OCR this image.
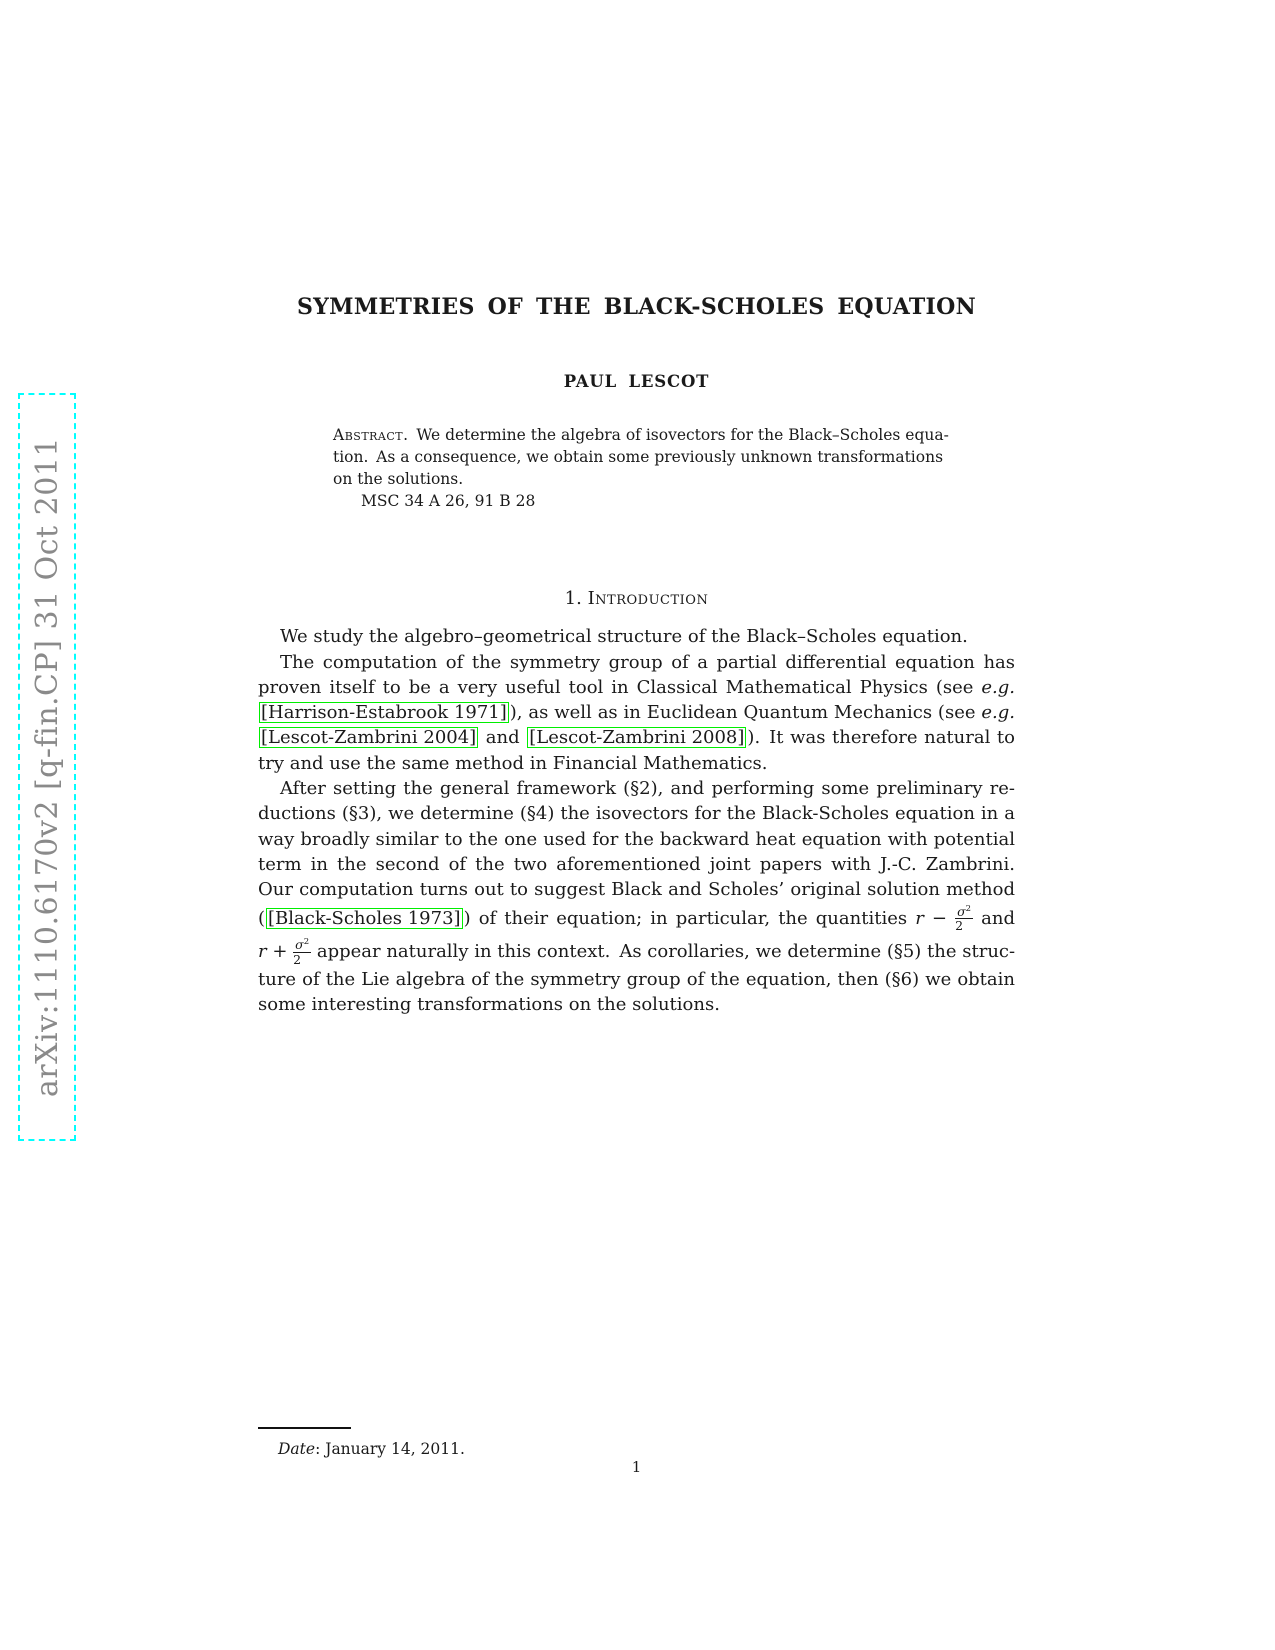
arXiv:1110.6170v2 [q-fin.CP] 31 Oct 2011
SYMMETRIES OF THE BLACK-SCHOLES EQUATION
PAUL LESCOT
Abstract. We determine the algebra of isovectors for the Black–Scholes equa-
tion. As a consequence, we obtain some previously unknown transformations
on the solutions.
MSC 34 A 26, 91 B 28
1. Introduction
We study the algebro–geometrical structure of the Black–Scholes equation.
The computation of the symmetry group of a partial differential equation has
proven itself to be a very useful tool in Classical Mathematical Physics (see e.g.
[Harrison-Estabrook 1971] ), as well as in Euclidean Quantum Mechanics (see e.g.
[Lescot-Zambrini 2004] and [Lescot-Zambrini 2008] ). It was therefore natural to
try and use the same method in Financial Mathematics.
After setting the general framework (§2), and performing some preliminary re-
ductions (§3), we determine (§4) the isovectors for the Black-Scholes equation in a
way broadly similar to the one used for the backward heat equation with potential
term in the second of the two aforementioned joint papers with J.-C. Zambrini.
Our computation turns out to suggest Black and Scholes’ original solution method
( [Black-Scholes 1973] ) of their equation; in particular, the quantities $r - \frac{\sigma^2}{2}$ and
$r + \frac{\sigma^2}{2}$ appear naturally in this context. As corollaries, we determine (§5) the struc-
ture of the Lie algebra of the symmetry group of the equation, then (§6) we obtain
some interesting transformations on the solutions.
Date: January 14, 2011.
1
